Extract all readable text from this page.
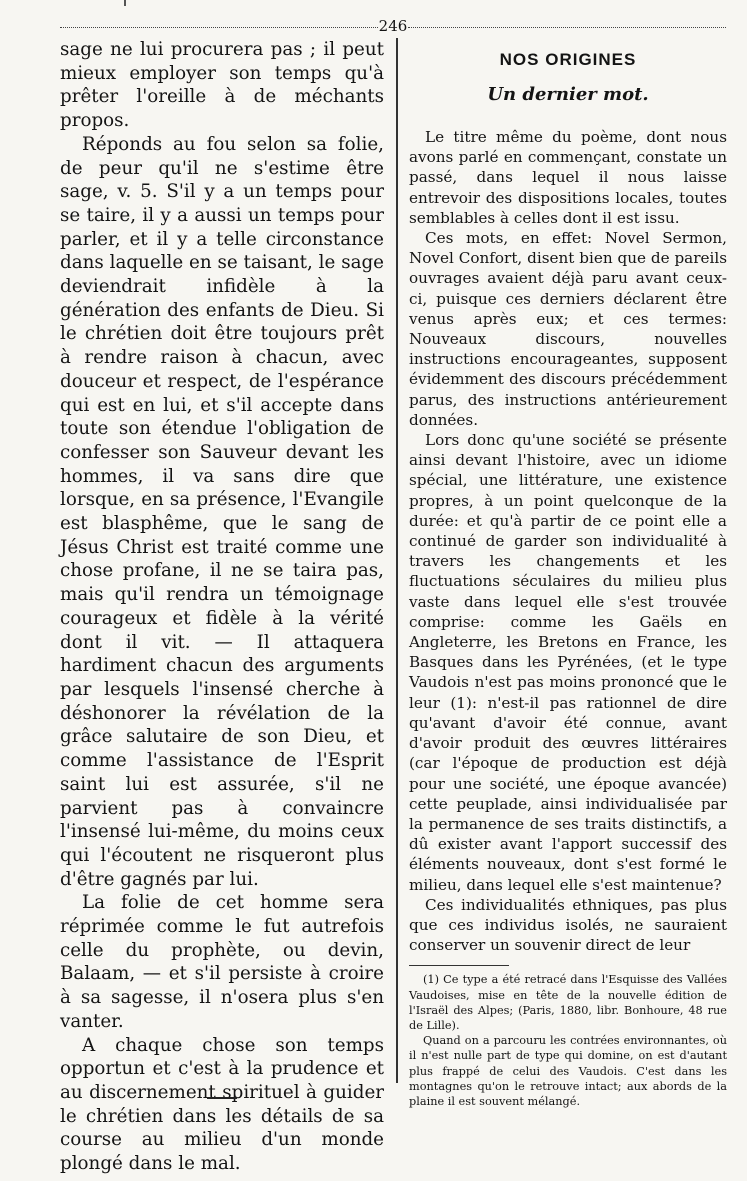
246

sage ne lui procurera pas ; il peut mieux employer son temps qu'à prêter l'oreille à de méchants propos.

Réponds au fou selon sa folie, de peur qu'il ne s'estime être sage, v. 5. S'il y a un temps pour se taire, il y a aussi un temps pour parler, et il y a telle circonstance dans laquelle en se taisant, le sage deviendrait infidèle à la génération des enfants de Dieu. Si le chrétien doit être toujours prêt à rendre raison à chacun, avec douceur et respect, de l'espérance qui est en lui, et s'il accepte dans toute son étendue l'obligation de confesser son Sauveur devant les hommes, il va sans dire que lorsque, en sa présence, l'Evangile est blasphême, que le sang de Jésus Christ est traité comme une chose profane, il ne se taira pas, mais qu'il rendra un témoignage courageux et fidèle à la vérité dont il vit. — Il attaquera hardiment chacun des arguments par lesquels l'insensé cherche à déshonorer la révélation de la grâce salutaire de son Dieu, et comme l'assistance de l'Esprit saint lui est assurée, s'il ne parvient pas à convaincre l'insensé lui-même, du moins ceux qui l'écoutent ne risqueront plus d'être gagnés par lui.

La folie de cet homme sera réprimée comme le fut autrefois celle du prophète, ou devin, Balaam, — et s'il persiste à croire à sa sagesse, il n'osera plus s'en vanter.

A chaque chose son temps opportun et c'est à la prudence et au discernement spirituel à guider le chrétien dans les détails de sa course au milieu d'un monde plongé dans le mal.

NOS ORIGINES
Un dernier mot.

Le titre même du poème, dont nous avons parlé en commençant, constate un passé, dans lequel il nous laisse entrevoir des dispositions locales, toutes semblables à celles dont il est issu.

Ces mots, en effet: Novel Sermon, Novel Confort, disent bien que de pareils ouvrages avaient déjà paru avant ceux-ci, puisque ces derniers déclarent être venus après eux; et ces termes: Nouveaux discours, nouvelles instructions encourageantes, supposent évidemment des discours précédemment parus, des instructions antérieurement données.

Lors donc qu'une société se présente ainsi devant l'histoire, avec un idiome spécial, une littérature, une existence propres, à un point quelconque de la durée: et qu'à partir de ce point elle a continué de garder son individualité à travers les changements et les fluctuations séculaires du milieu plus vaste dans lequel elle s'est trouvée comprise: comme les Gaëls en Angleterre, les Bretons en France, les Basques dans les Pyrénées, (et le type Vaudois n'est pas moins prononcé que le leur (1): n'est-il pas rationnel de dire qu'avant d'avoir été connue, avant d'avoir produit des œuvres littéraires (car l'époque de production est déjà pour une société, une époque avancée) cette peuplade, ainsi individualisée par la permanence de ses traits distinctifs, a dû exister avant l'apport successif des éléments nouveaux, dont s'est formé le milieu, dans lequel elle s'est maintenue?

Ces individualités ethniques, pas plus que ces individus isolés, ne sauraient conserver un souvenir direct de leur

(1) Ce type a été retracé dans l'Esquisse des Vallées Vaudoises, mise en tête de la nouvelle édition de l'Israël des Alpes; (Paris, 1880, libr. Bonhoure, 48 rue de Lille).

Quand on a parcouru les contrées environnantes, où il n'est nulle part de type qui domine, on est d'autant plus frappé de celui des Vaudois. C'est dans les montagnes qu'on le retrouve intact; aux abords de la plaine il est souvent mélangé.
